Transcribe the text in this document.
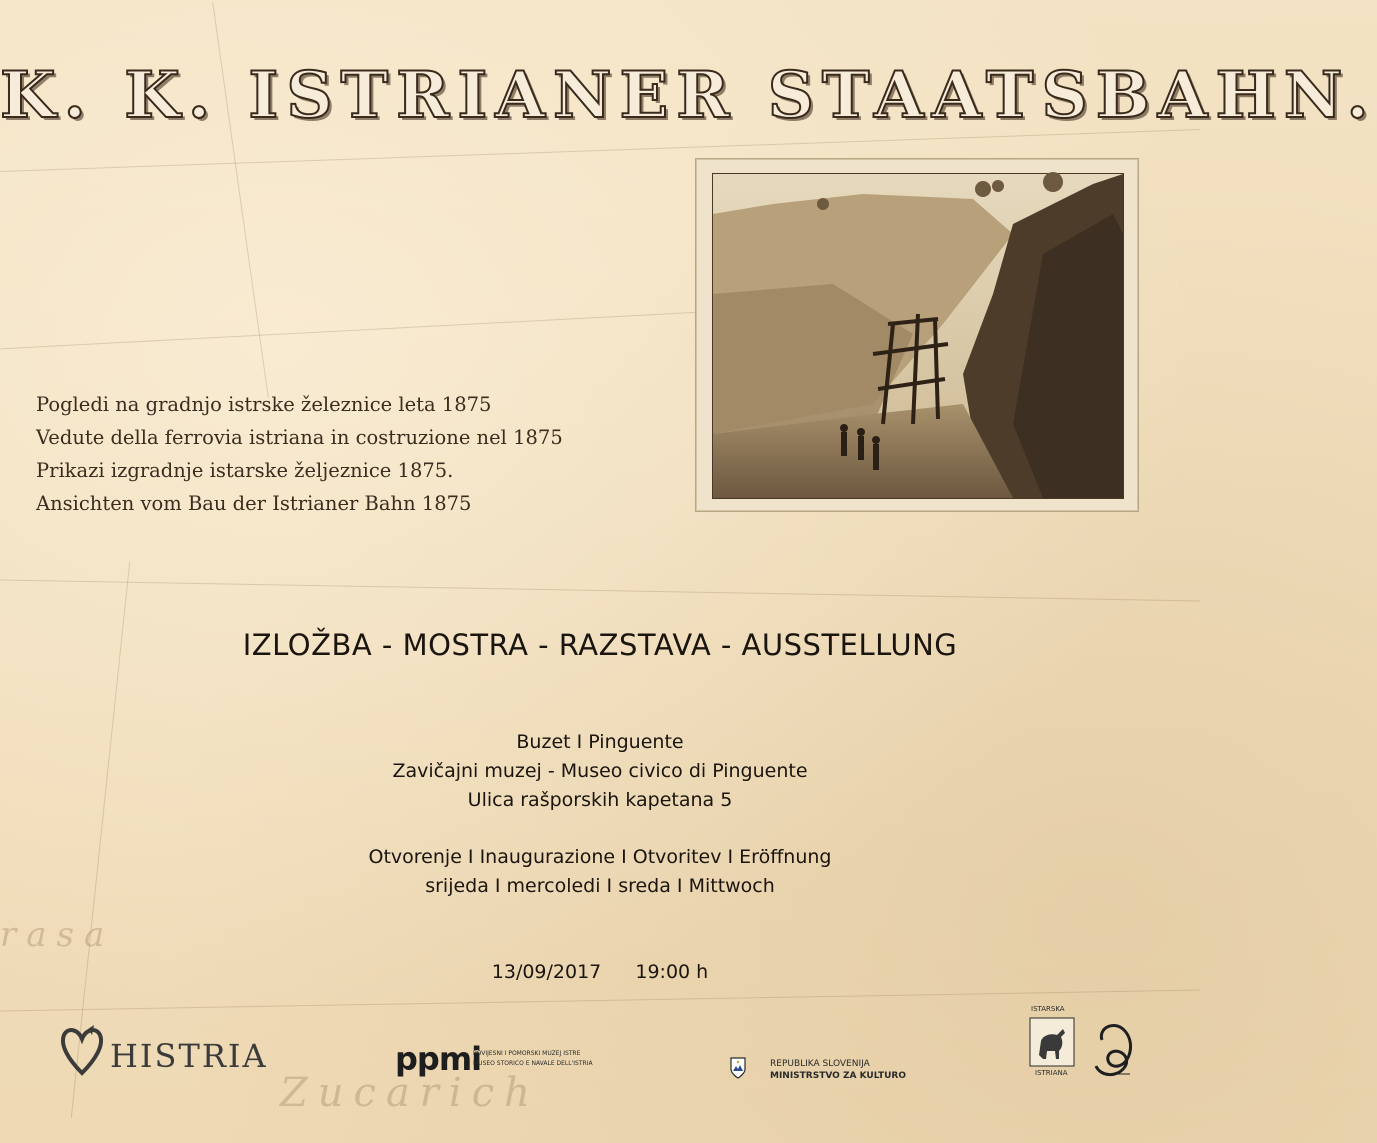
rasa
Zucarich
K. K. ISTRIANER STAATSBAHN.
Pogledi na gradnjo istrske železnice leta 1875
Vedute della ferrovia istriana in costruzione nel 1875
Prikazi izgradnje istarske željeznice 1875.
Ansichten vom Bau der Istrianer Bahn 1875
IZLOŽBA - MOSTRA - RAZSTAVA - AUSSTELLUNG
Buzet I Pinguente
Zavičajni muzej - Museo civico di Pinguente
Ulica rašporskih kapetana 5
Otvorenje I Inaugurazione I Otvoritev I Eröffnung
srijeda I mercoledi I sreda I Mittwoch
13/09/2017 19:00 h
HISTRIA	ppmi
POVIJESNI I POMORSKI MUZEJ ISTRE
MUSEO STORICO E NAVALE DELL'ISTRIA	REPUBLIKA SLOVENIJA
MINISTRSTVO ZA KULTURO
ISTARSKA
ISTRIANA
